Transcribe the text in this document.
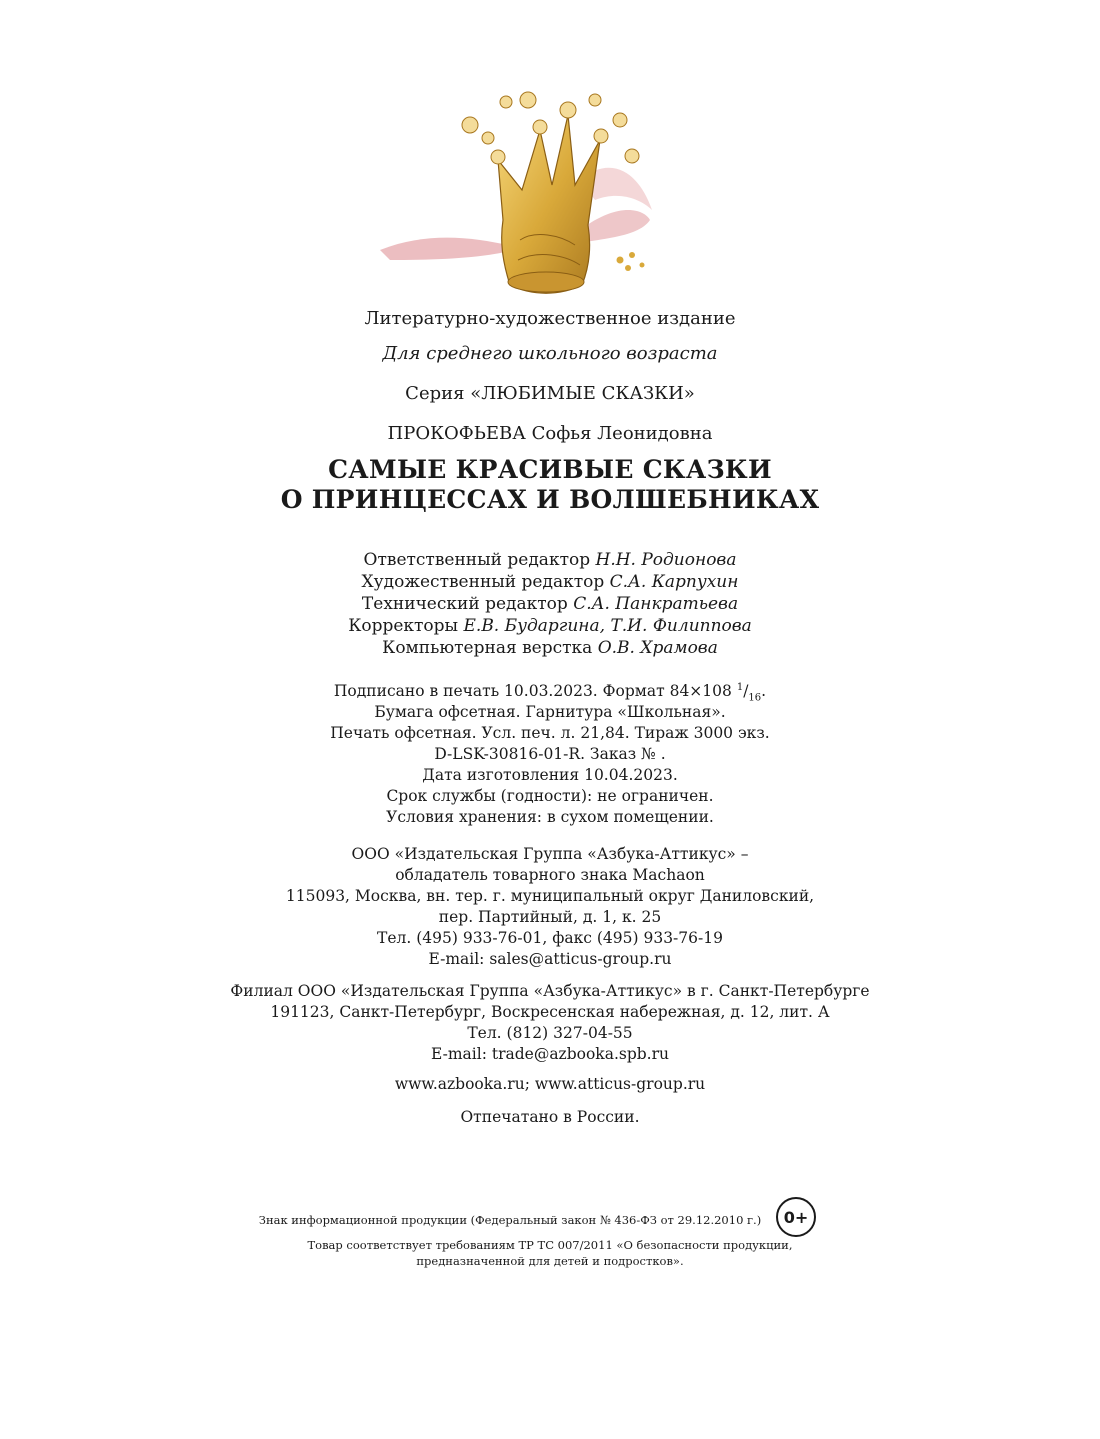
Литературно-художественное издание
Для среднего школьного возраста
Серия «ЛЮБИМЫЕ СКАЗКИ»
ПРОКОФЬЕВА Софья Леонидовна
САМЫЕ КРАСИВЫЕ СКАЗКИ
О ПРИНЦЕССАХ И ВОЛШЕБНИКАХ
Ответственный редактор Н.Н. Родионова
Художественный редактор С.А. Карпухин
Технический редактор С.А. Панкратьева
Корректоры Е.В. Бударгина, Т.И. Филиппова
Компьютерная верстка О.В. Храмова
Подписано в печать 10.03.2023. Формат 84×108 $^1/_{16}$.
Бумага офсетная. Гарнитура «Школьная».
Печать офсетная. Усл. печ. л. 21,84. Тираж 3000 экз.
D-LSK-30816-01-R. Заказ № .
Дата изготовления 10.04.2023.
Срок службы (годности): не ограничен.
Условия хранения: в сухом помещении.
ООО «Издательская Группа «Азбука-Аттикус» –
обладатель товарного знака Machaon
115093, Москва, вн. тер. г. муниципальный округ Даниловский,
пер. Партийный, д. 1, к. 25
Тел. (495) 933-76-01, факс (495) 933-76-19
E-mail: sales@atticus-group.ru
Филиал ООО «Издательская Группа «Азбука-Аттикус» в г. Санкт-Петербурге
191123, Санкт-Петербург, Воскресенская набережная, д. 12, лит. А
Тел. (812) 327-04-55
E-mail: trade@azbooka.spb.ru
www.azbooka.ru; www.atticus-group.ru
Отпечатано в России.
Знак информационной продукции (Федеральный закон № 436-ФЗ от 29.12.2010 г.)	0+
Товар соответствует требованиям ТР ТС 007/2011 «О безопасности продукции,
предназначенной для детей и подростков».
